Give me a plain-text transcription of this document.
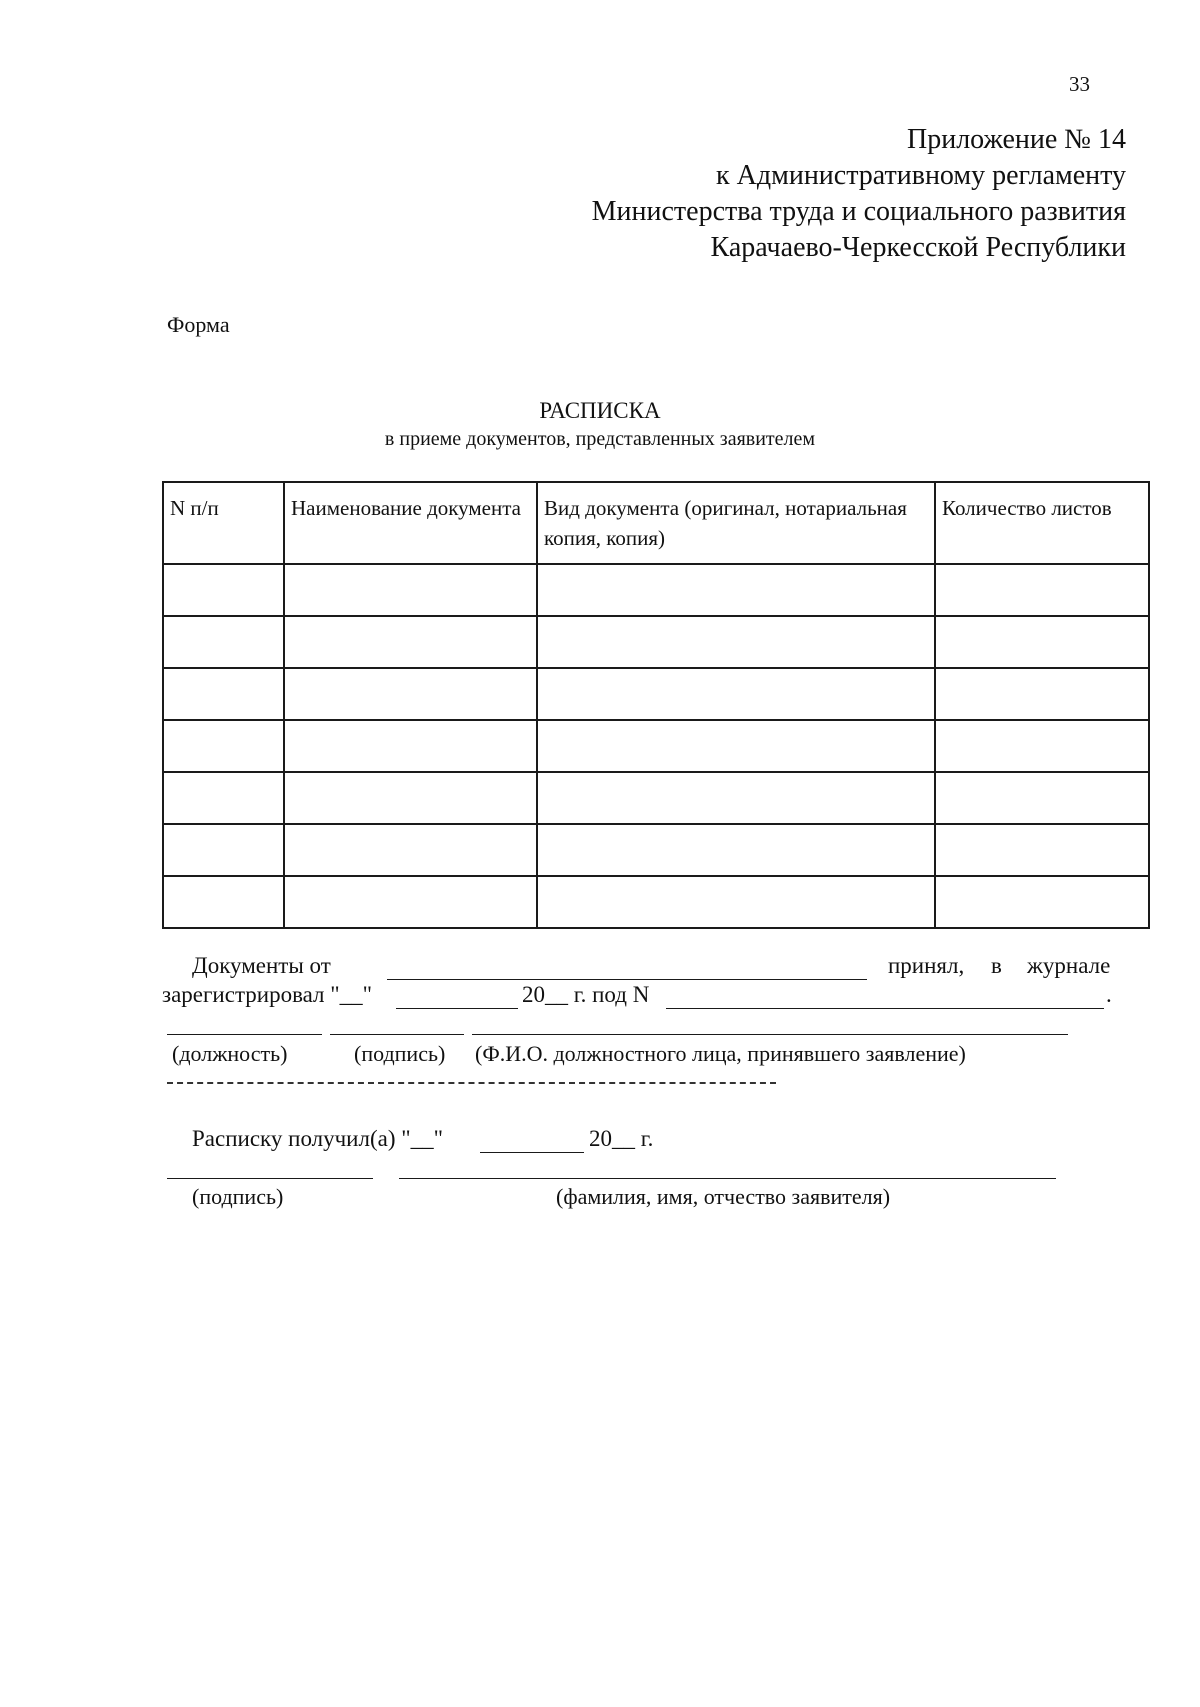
33
Приложение № 14
к Административному регламенту
Министерства труда и социального развития
Карачаево-Черкесской Республики
Форма
РАСПИСКА
в приеме документов, представленных заявителем
N п/п	Наименование документа	Вид документа (оригинал, нотариальная копия, копия)	Количество листов

Документы от	принял, в журнале
зарегистрировал "__"	20__ г. под N	.
(должность)	(подпись) (Ф.И.О. должностного лица, принявшего заявление)
Расписку получил(а) "__"	20__ г.
(подпись)	(фамилия, имя, отчество заявителя)
